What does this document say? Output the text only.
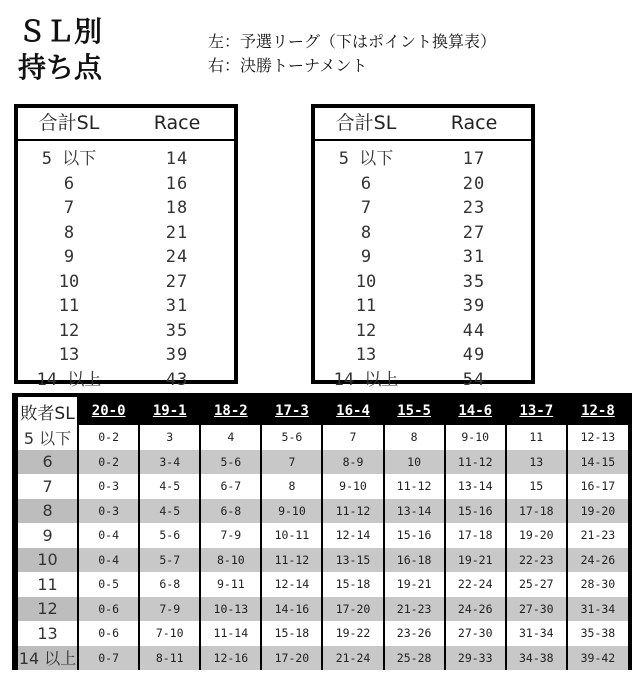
ＳＬ別
持ち点
左：予選リーグ（下はポイント換算表）
右：決勝トーナメント
合計SL	Race
5 以下	14
6	16
7	18
8	21
9	24
10	27
11	31
12	35
13	39
14 以上	43
合計SL	Race
5 以下	17
6	20
7	23
8	27
9	31
10	35
11	39
12	44
13	49
14 以上	54
敗者SL	20-0	19-1	18-2	17-3	16-4	15-5	14-6	13-7	12-8
5 以下	0-2	3	4	5-6	7	8	9-10	11	12-13
6	0-2	3-4	5-6	7	8-9	10	11-12	13	14-15
7	0-3	4-5	6-7	8	9-10	11-12	13-14	15	16-17
8	0-3	4-5	6-8	9-10	11-12	13-14	15-16	17-18	19-20
9	0-4	5-6	7-9	10-11	12-14	15-16	17-18	19-20	21-23
10	0-4	5-7	8-10	11-12	13-15	16-18	19-21	22-23	24-26
11	0-5	6-8	9-11	12-14	15-18	19-21	22-24	25-27	28-30
12	0-6	7-9	10-13	14-16	17-20	21-23	24-26	27-30	31-34
13	0-6	7-10	11-14	15-18	19-22	23-26	27-30	31-34	35-38
14 以上	0-7	8-11	12-16	17-20	21-24	25-28	29-33	34-38	39-42
